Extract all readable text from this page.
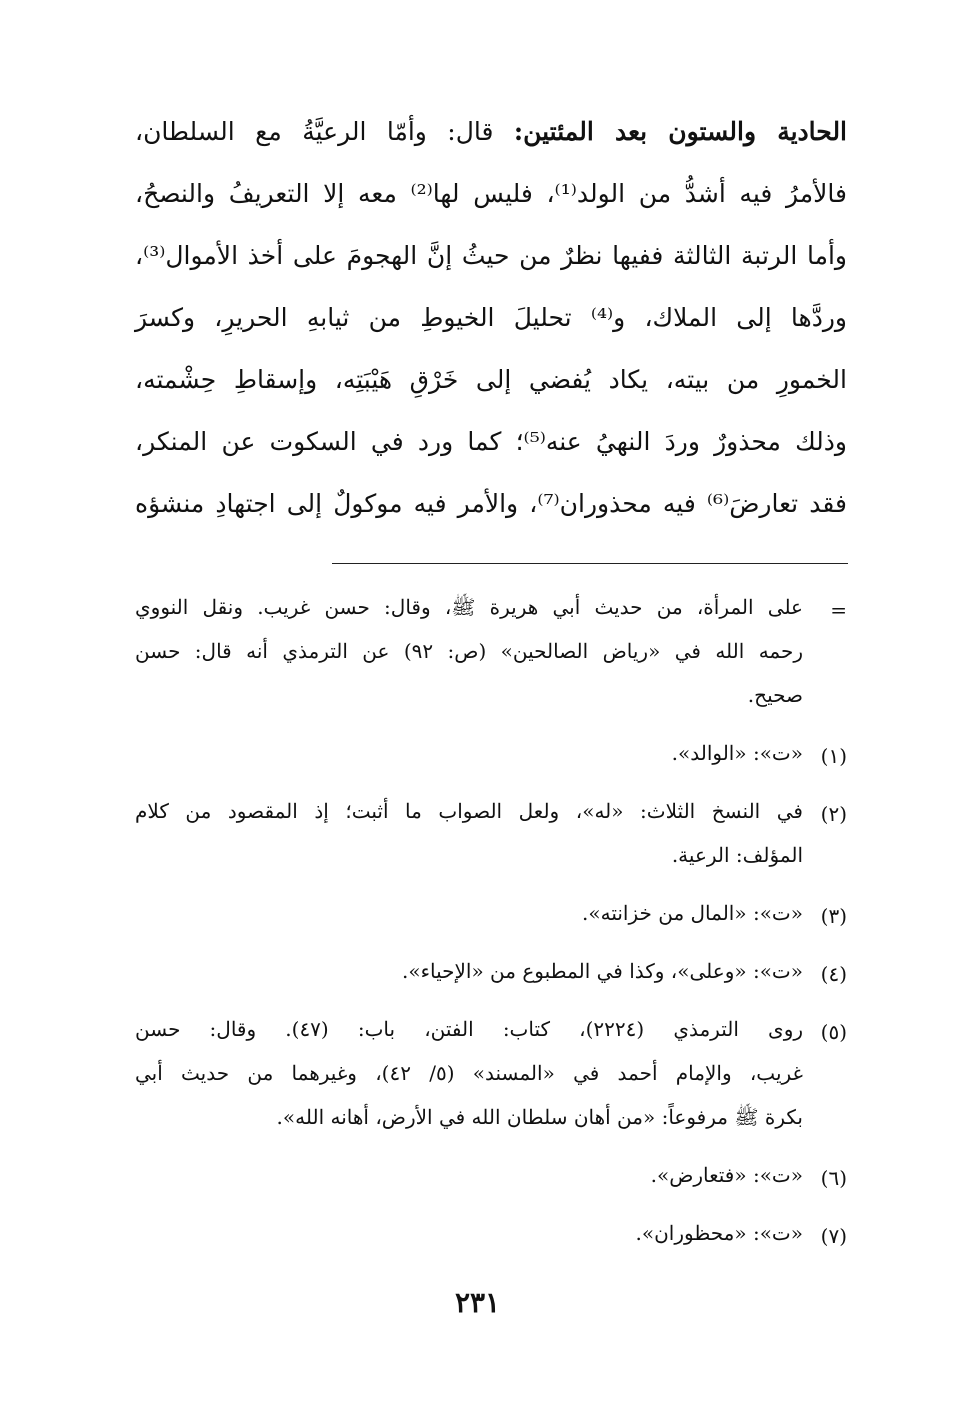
الحادية والستون بعد المئتين: قال: وأمّا الرعيَّةُ مع السلطان،
فالأمرُ فيه أشدُّ من الولد⁽¹⁾، فليس لها⁽²⁾ معه إلا التعريفُ والنصحُ،
وأما الرتبة الثالثة ففيها نظرٌ من حيثُ إنَّ الهجومَ على أخذ الأموال⁽³⁾،
وردَّها إلى الملاك، و⁽⁴⁾ تحليلَ الخيوطِ من ثيابهِ الحريرِ، وكسرَ
الخمورِ من بيته، يكاد يُفضي إلى خَرْقِ هَيْبَتِه، وإسقاطِ حِشْمته،
وذلك محذورٌ وردَ النهيُ عنه⁽⁵⁾؛ كما ورد في السكوت عن المنكر،
فقد تعارضَ⁽⁶⁾ فيه محذوران⁽⁷⁾، والأمر فيه موكولٌ إلى اجتهادِ منشؤه
=
على المرأة، من حديث أبي هريرة ﷺ، وقال: حسن غريب. ونقل النووي
رحمه الله في «رياض الصالحين» (ص: ٩٢) عن الترمذي أنه قال: حسن
صحيح.
(١)
«ت»: «الوالد».
(٢)
في النسخ الثلاث: «له»، ولعل الصواب ما أثبت؛ إذ المقصود من كلام
المؤلف: الرعية.
(٣)
«ت»: «المال من خزانته».
(٤)
«ت»: «وعلى»، وكذا في المطبوع من «الإحياء».
(٥)
روى الترمذي (٢٢٢٤)، كتاب: الفتن، باب: (٤٧). وقال: حسن
غريب، والإمام أحمد في «المسند» (٥/ ٤٢)، وغيرهما من حديث أبي
بكرة ﷺ مرفوعاً: «من أهان سلطان الله في الأرض، أهانه الله».
(٦)
«ت»: «فتعارض».
(٧)
«ت»: «محظوران».
٢٣١
